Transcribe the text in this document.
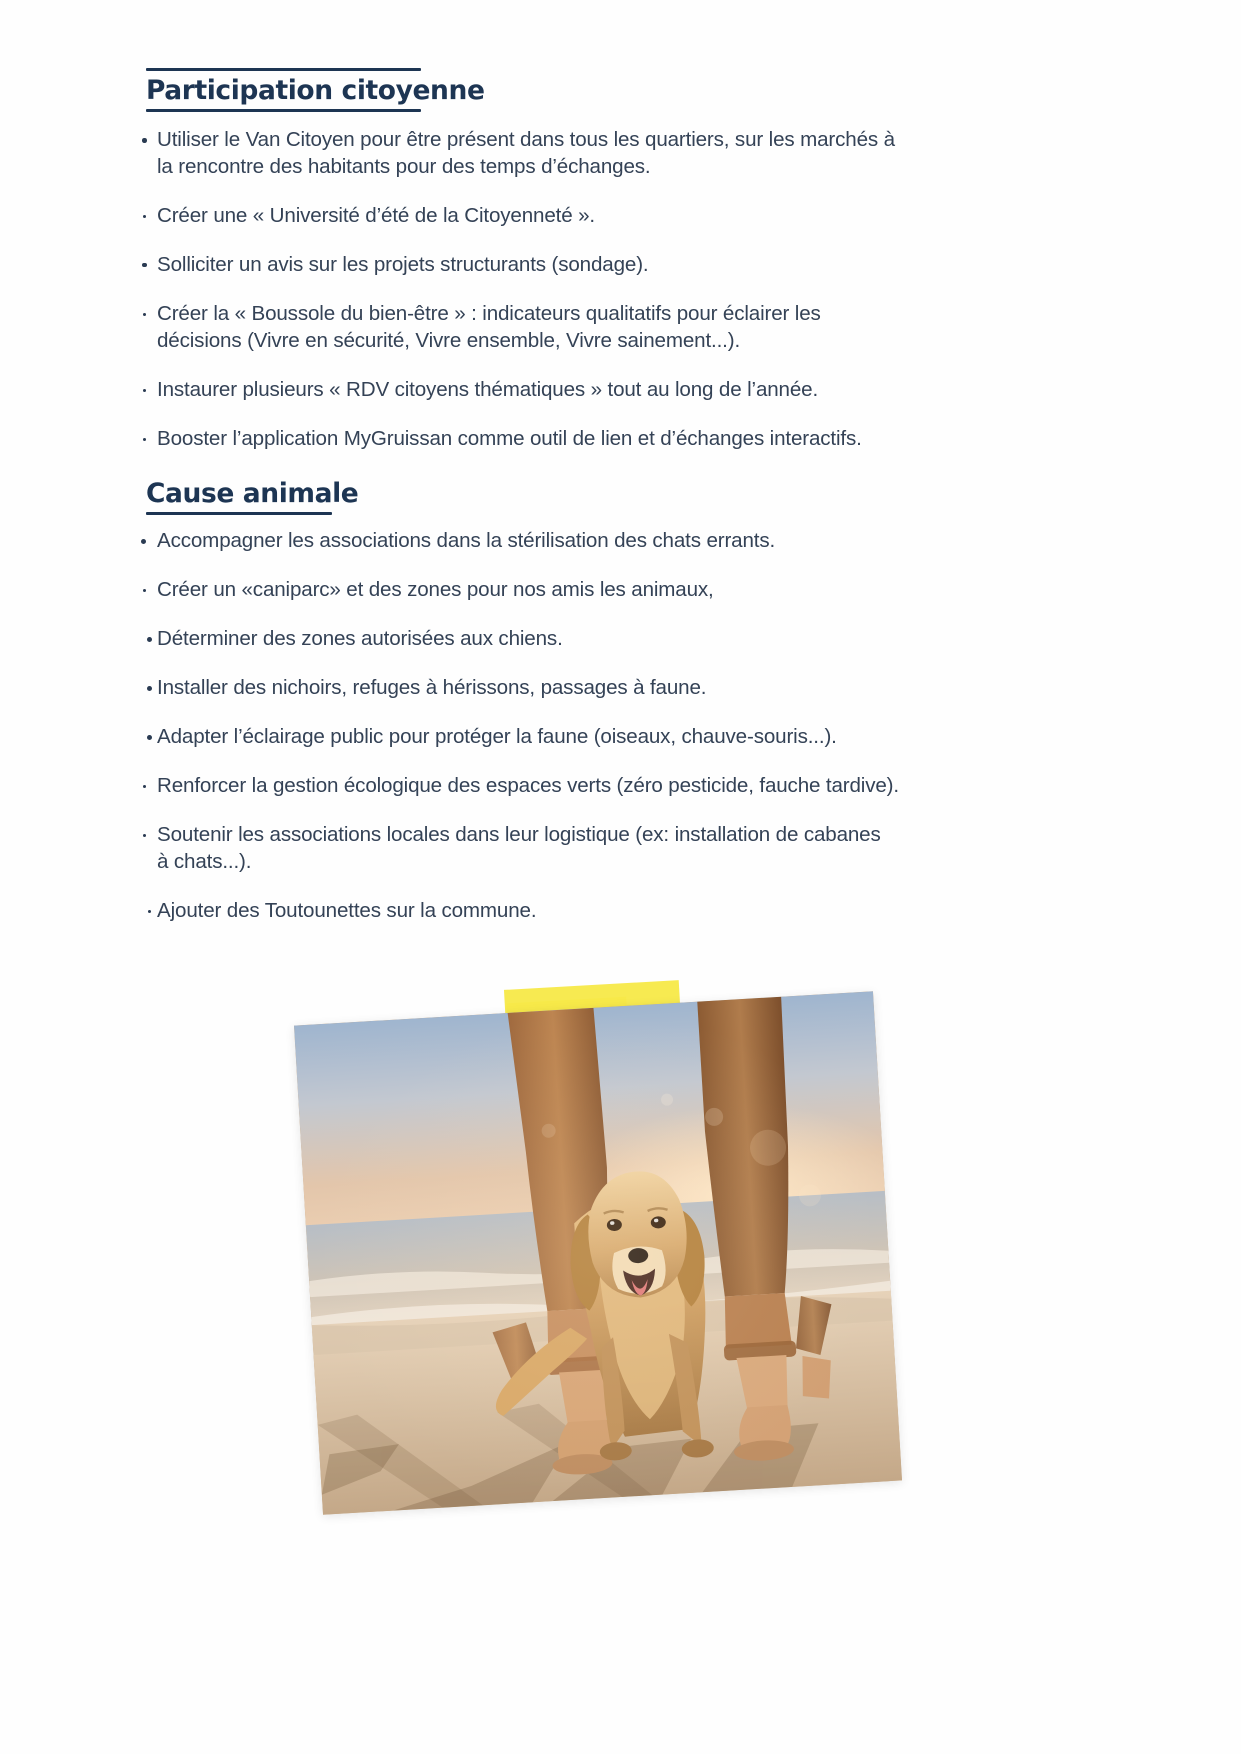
Participation citoyenne
Utiliser le Van Citoyen pour être présent dans tous les quartiers, sur les marchés à la rencontre des habitants pour des temps d’échanges.
Créer une « Université d’été de la Citoyenneté ».
Solliciter un avis sur les projets structurants (sondage).
Créer la « Boussole du bien-être » : indicateurs qualitatifs pour éclairer les décisions (Vivre en sécurité, Vivre ensemble, Vivre sainement...).
Instaurer plusieurs « RDV citoyens thématiques » tout au long de l’année.
Booster l’application MyGruissan comme outil de lien et d’échanges interactifs.
Cause animale
Accompagner les associations dans la stérilisation des chats errants.
Créer un «caniparc» et des zones pour nos amis les animaux,
Déterminer des zones autorisées aux chiens.
Installer des nichoirs, refuges à hérissons, passages à faune.
Adapter l’éclairage public pour protéger la faune (oiseaux, chauve-souris...).
Renforcer la gestion écologique des espaces verts (zéro pesticide, fauche tardive).
Soutenir les associations locales dans leur logistique (ex: installation de cabanes à chats...).
Ajouter des Toutounettes sur la commune.
